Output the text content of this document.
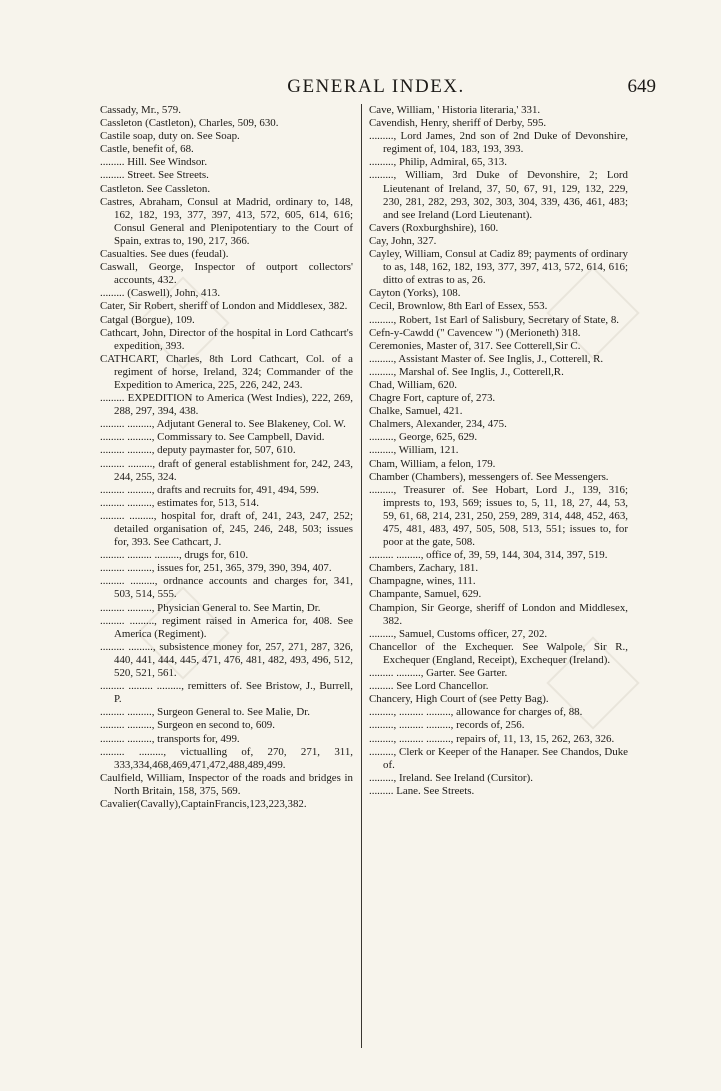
GENERAL INDEX.	649

Cassady, Mr., 579.

Cassleton (Castleton), Charles, 509, 630.

Castile soap, duty on. See Soap.

Castle, benefit of, 68.

......... Hill. See Windsor.

......... Street. See Streets.

Castleton. See Cassleton.

Castres, Abraham, Consul at Madrid, ordinary to, 148, 162, 182, 193, 377, 397, 413, 572, 605, 614, 616; Consul General and Plenipotentiary to the Court of Spain, extras to, 190, 217, 366.

Casualties. See dues (feudal).

Caswall, George, Inspector of outport collectors' accounts, 432.

......... (Caswell), John, 413.

Cater, Sir Robert, sheriff of London and Middlesex, 382.

Catgal (Borgue), 109.

Cathcart, John, Director of the hospital in Lord Cathcart's expedition, 393.

CATHCART, Charles, 8th Lord Cathcart, Col. of a regiment of horse, Ireland, 324; Commander of the Expedition to America, 225, 226, 242, 243.

......... EXPEDITION to America (West Indies), 222, 269, 288, 297, 394, 438.

......... ........., Adjutant General to. See Blakeney, Col. W.

......... ........., Commissary to. See Campbell, David.

......... ........., deputy paymaster for, 507, 610.

......... ........., draft of general establishment for, 242, 243, 244, 255, 324.

......... ........., drafts and recruits for, 491, 494, 599.

......... ........., estimates for, 513, 514.

......... ........., hospital for, draft of, 241, 243, 247, 252; detailed organisation of, 245, 246, 248, 503; issues for, 393. See Cathcart, J.

......... ......... ........., drugs for, 610.

......... ........., issues for, 251, 365, 379, 390, 394, 407.

......... ........., ordnance accounts and charges for, 341, 503, 514, 555.

......... ........., Physician General to. See Martin, Dr.

......... ........., regiment raised in America for, 408. See America (Regiment).

......... ........., subsistence money for, 257, 271, 287, 326, 440, 441, 444, 445, 471, 476, 481, 482, 493, 496, 512, 520, 521, 561.

......... ......... ........., remitters of. See Bristow, J., Burrell, P.

......... ........., Surgeon General to. See Malie, Dr.

......... ........., Surgeon en second to, 609.

......... ........., transports for, 499.

......... ........., victualling of, 270, 271, 311, 333,334,468,469,471,472,488,489,499.

Caulfield, William, Inspector of the roads and bridges in North Britain, 158, 375, 569.

Cavalier(Cavally),CaptainFrancis,123,223,382.

Cave, William, ' Historia literaria,' 331.

Cavendish, Henry, sheriff of Derby, 595.

........., Lord James, 2nd son of 2nd Duke of Devonshire, regiment of, 104, 183, 193, 393.

........., Philip, Admiral, 65, 313.

........., William, 3rd Duke of Devonshire, 2; Lord Lieutenant of Ireland, 37, 50, 67, 91, 129, 132, 229, 230, 281, 282, 293, 302, 303, 304, 339, 436, 461, 483; and see Ireland (Lord Lieutenant).

Cavers (Roxburghshire), 160.

Cay, John, 327.

Cayley, William, Consul at Cadiz 89; payments of ordinary to as, 148, 162, 182, 193, 377, 397, 413, 572, 614, 616; ditto of extras to as, 26.

Cayton (Yorks), 108.

Cecil, Brownlow, 8th Earl of Essex, 553.

........., Robert, 1st Earl of Salisbury, Secretary of State, 8.

Cefn-y-Cawdd (" Cavencew ") (Merioneth) 318.

Ceremonies, Master of, 317. See Cotterell,Sir C.

........., Assistant Master of. See Inglis, J., Cotterell, R.

........., Marshal of. See Inglis, J., Cotterell,R.

Chad, William, 620.

Chagre Fort, capture of, 273.

Chalke, Samuel, 421.

Chalmers, Alexander, 234, 475.

........., George, 625, 629.

........., William, 121.

Cham, William, a felon, 179.

Chamber (Chambers), messengers of. See Messengers.

........., Treasurer of. See Hobart, Lord J., 139, 316; imprests to, 193, 569; issues to, 5, 11, 18, 27, 44, 53, 59, 61, 68, 214, 231, 250, 259, 289, 314, 448, 452, 463, 475, 481, 483, 497, 505, 508, 513, 551; issues to, for poor at the gate, 508.

......... ........., office of, 39, 59, 144, 304, 314, 397, 519.

Chambers, Zachary, 181.

Champagne, wines, 111.

Champante, Samuel, 629.

Champion, Sir George, sheriff of London and Middlesex, 382.

........., Samuel, Customs officer, 27, 202.

Chancellor of the Exchequer. See Walpole, Sir R., Exchequer (England, Receipt), Exchequer (Ireland).

......... ........., Garter. See Garter.

......... See Lord Chancellor.

Chancery, High Court of (see Petty Bag).

........., ......... ........., allowance for charges of, 88.

........., ......... ........., records of, 256.

........., ......... ........., repairs of, 11, 13, 15, 262, 263, 326.

........., Clerk or Keeper of the Hanaper. See Chandos, Duke of.

........., Ireland. See Ireland (Cursitor).

......... Lane. See Streets.
